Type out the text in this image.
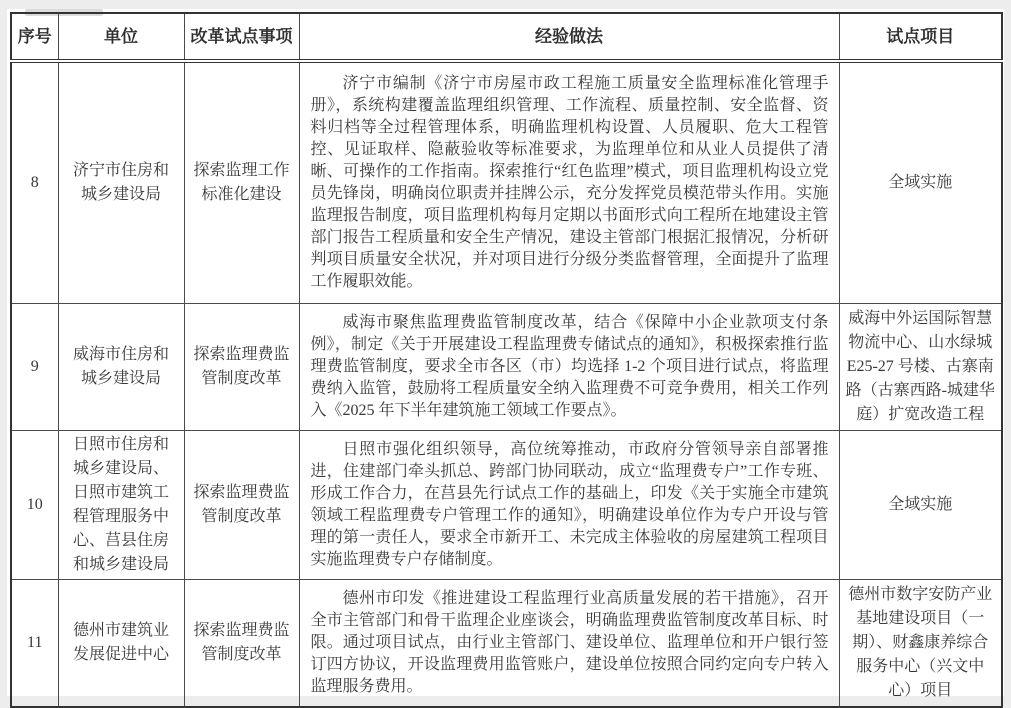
序号	单位	改革试点事项	经验做法	试点项目
8	济宁市住房和城乡建设局	探索监理工作标准化建设	济宁市编制《济宁市房屋市政工程施工质量安全监理标准化管理手册》，系统构建覆盖监理组织管理、工作流程、质量控制、安全监督、资料归档等全过程管理体系，明确监理机构设置、人员履职、危大工程管控、见证取样、隐蔽验收等标准要求，为监理单位和从业人员提供了清晰、可操作的工作指南。探索推行“红色监理”模式，项目监理机构设立党员先锋岗，明确岗位职责并挂牌公示，充分发挥党员模范带头作用。实施监理报告制度，项目监理机构每月定期以书面形式向工程所在地建设主管部门报告工程质量和安全生产情况，建设主管部门根据汇报情况，分析研判项目质量安全状况，并对项目进行分级分类监督管理，全面提升了监理工作履职效能。	全域实施
9	威海市住房和城乡建设局	探索监理费监管制度改革	威海市聚焦监理费监管制度改革，结合《保障中小企业款项支付条例》，制定《关于开展建设工程监理费专储试点的通知》，积极探索推行监理费监管制度，要求全市各区（市）均选择 1-2 个项目进行试点，将监理费纳入监管，鼓励将工程质量安全纳入监理费不可竞争费用，相关工作列入《2025 年下半年建筑施工领域工作要点》。	威海中外运国际智慧物流中心、山水绿城E25-27 号楼、古寨南路（古寨西路-城建华庭）扩宽改造工程
10	日照市住房和城乡建设局、日照市建筑工程管理服务中心、莒县住房和城乡建设局	探索监理费监管制度改革	日照市强化组织领导，高位统筹推动，市政府分管领导亲自部署推进，住建部门牵头抓总、跨部门协同联动，成立“监理费专户”工作专班、形成工作合力，在莒县先行试点工作的基础上，印发《关于实施全市建筑领域工程监理费专户管理工作的通知》，明确建设单位作为专户开设与管理的第一责任人，要求全市新开工、未完成主体验收的房屋建筑工程项目实施监理费专户存储制度。	全域实施
11	德州市建筑业发展促进中心	探索监理费监管制度改革	德州市印发《推进建设工程监理行业高质量发展的若干措施》，召开全市主管部门和骨干监理企业座谈会，明确监理费监管制度改革目标、时限。通过项目试点，由行业主管部门、建设单位、监理单位和开户银行签订四方协议，开设监理费用监管账户，建设单位按照合同约定向专户转入监理服务费用。	德州市数字安防产业基地建设项目（一期）、财鑫康养综合服务中心（兴文中心）项目
